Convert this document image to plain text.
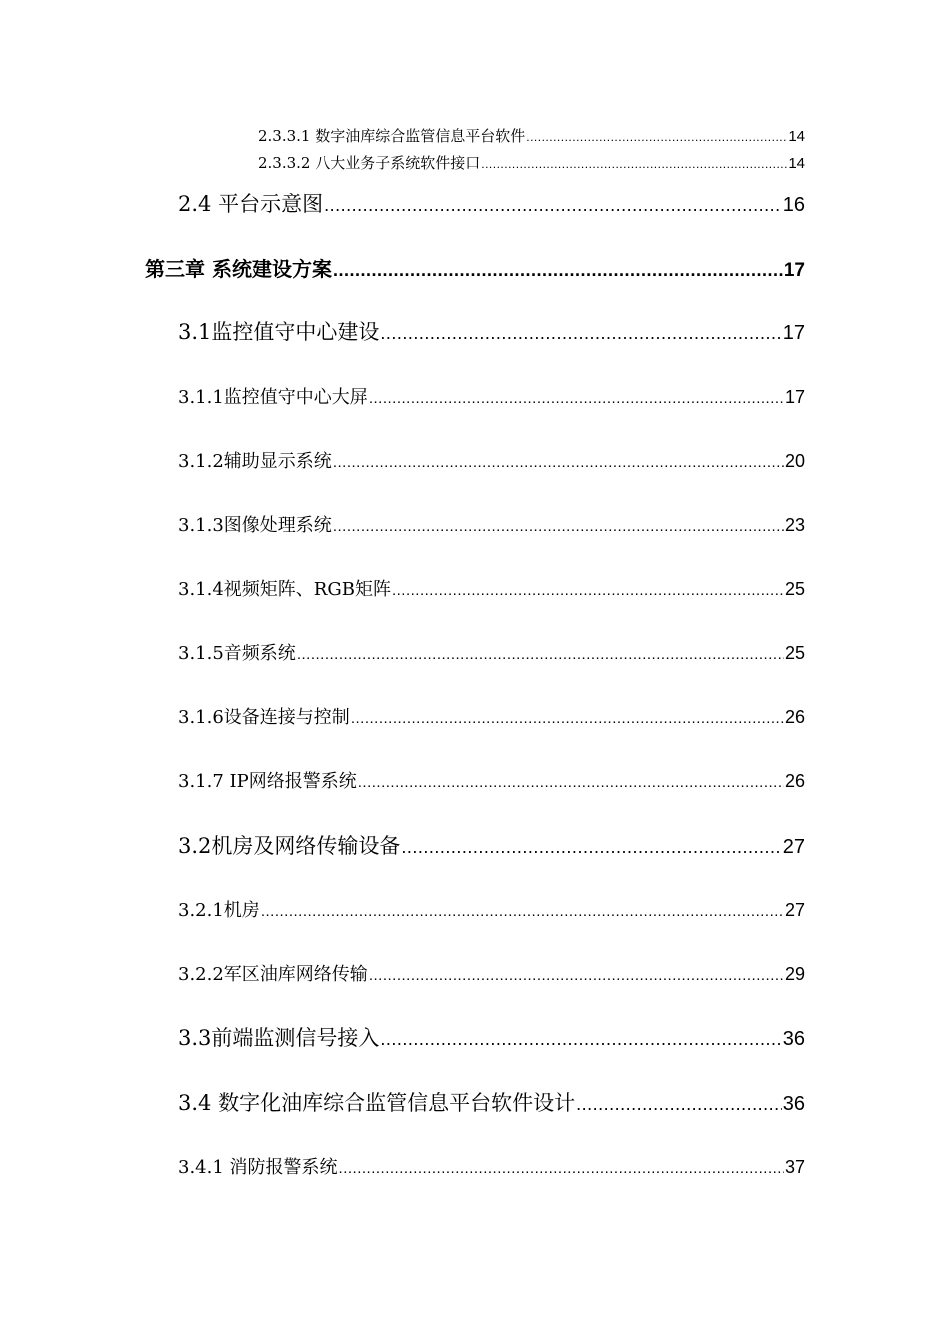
2.3.3.1 数字油库综合监管信息平台软件 .....	14
2.3.3.2 八大业务子系统软件接口 .....	14
2.4 平台示意图 .....	16
第三章 系统建设方案 .....	17
3.1监控值守中心建设 .....	17
3.1.1监控值守中心大屏 .....	17
3.1.2辅助显示系统 .....	20
3.1.3图像处理系统 .....	23
3.1.4视频矩阵、RGB矩阵 .....	25
3.1.5音频系统 .....	25
3.1.6设备连接与控制 .....	26
3.1.7 IP网络报警系统 .....	26
3.2机房及网络传输设备 .....	27
3.2.1机房 .....	27
3.2.2军区油库网络传输 .....	29
3.3前端监测信号接入 .....	36
3.4 数字化油库综合监管信息平台软件设计 .....	36
3.4.1 消防报警系统 .....	37
